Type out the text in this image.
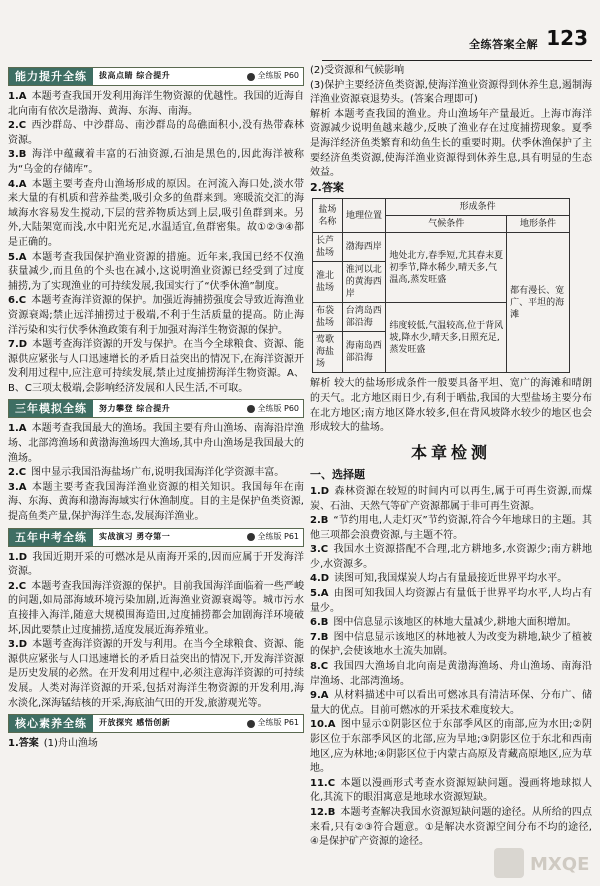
全练答案全解 123
能力提升全练	拔高点睛 综合提升	全练版 P60

1.A  本题考查我国开发利用海洋生物资源的优越性。我国的近海自北向南有依次是渤海、黄海、东海、南海。

2.C  西沙群岛、中沙群岛、南沙群岛的岛礁面积小,没有热带森林资源。

3.B  海洋中蕴藏着丰富的石油资源,石油是黑色的,因此海洋被称为“乌金的存储库”。

4.A  本题主要考查舟山渔场形成的原因。在河流入海口处,淡水带来大量的有机质和营养盐类,吸引众多的鱼群来到。寒暖流交汇的海域海水容易发生搅动,下层的营养物质达到上层,吸引鱼群到来。另外,大陆架宽而浅,水中阳光充足,水温适宜,鱼群密集。故①②③④都是正确的。

5.A  本题考查我国保护渔业资源的措施。近年来,我国已经不仅渔获量减少,而且鱼的个头也在减小,这说明渔业资源已经受到了过度捕捞,为了实现渔业的可持续发展,我国实行了“伏季休渔”制度。

6.C  本题考查海洋资源的保护。加强近海捕捞强度会导致近海渔业资源衰竭;禁止远洋捕捞过于极端,不利于生活质量的提高。防止海洋污染和实行伏季休渔政策有利于加强对海洋生物资源的保护。

7.D  本题考查海洋资源的开发与保护。在当今全球粮食、资源、能源供应紧张与人口迅速增长的矛盾日益突出的情况下,在海洋资源开发利用过程中,应注意可持续发展,禁止过度捕捞海洋生物资源。A、B、C三项太极端,会影响经济发展和人民生活,不可取。

三年模拟全练	努力攀登 综合提升	全练版 P60

1.A  本题考查我国最大的渔场。我国主要有舟山渔场、南海沿岸渔场、北部湾渔场和黄渤海渔场四大渔场,其中舟山渔场是我国最大的渔场。

2.C  图中显示我国沿海盐场广布,说明我国海洋化学资源丰富。

3.A  本题主要考查我国海洋渔业资源的相关知识。我国每年在南海、东海、黄海和渤海海域实行休渔制度。目的主是保护鱼类资源,提高鱼类产量,保护海洋生态,发展海洋渔业。

五年中考全练	实战演习 勇夺第一	全练版 P61

1.D  我国近期开采的可燃冰是从南海开采的,因而应属于开发海洋资源。

2.C  本题考查我国海洋资源的保护。目前我国海洋面临着一些严峻的问题,如局部海域环境污染加剧,近海渔业资源衰竭等。城市污水直接排入海洋,随意大规模围海造田,过度捕捞都会加剧海洋环境破坏,因此要禁止过度捕捞,适度发展近海养殖业。

3.D  本题考查海洋资源的开发与利用。在当今全球粮食、资源、能源供应紧张与人口迅速增长的矛盾日益突出的情况下,开发海洋资源是历史发展的必然。在开发利用过程中,必须注意海洋资源的可持续发展。人类对海洋资源的开采,包括对海洋生物资源的开发利用,海水淡化,深海锰结核的开采,海底油气田的开发,旅游观光等。

核心素养全练	开放探究 感悟创新	全练版 P61

1.答案  (1)舟山渔场

(2)受资源和气候影响

(3)保护主要经济鱼类资源,使海洋渔业资源得到休养生息,遏制海洋渔业资源衰退势头。(答案合理即可)

解析 本题考查我国的渔业。舟山渔场年产量最近。上海市海洋资源减少说明鱼越来越少,反映了渔业存在过度捕捞现象。夏季是海洋经济鱼类繁育和幼鱼生长的重要时期。伏季休渔保护了主要经济鱼类资源,使海洋渔业资源得到休养生息,具有明显的生态效益。

2.答案
盐场名称	地理位置	形成条件	
		气候条件	地形条件
长芦盐场	渤海西岸	地处北方,春季短,尤其春末夏初季节,降水稀少,晴天多,气温高,蒸发旺盛	都有漫长、宽广、平坦的海滩
淮北盐场	淮河以北的黄海西岸		
布袋盐场	台湾岛西部沿海	纬度较低,气温较高,位于背风坡,降水少,晴天多,日照充足,蒸发旺盛	
莺歌海盐场	海南岛西部沿海		

解析 较大的盐场形成条件一般要具备平坦、宽广的海滩和晴朗的天气。北方地区雨日少,有利于晒盐,我国的大型盐场主要分布在北方地区;南方地区降水较多,但在背风坡降水较少的地区也会形成较大的盐场。

本章检测
一、选择题

1.D  森林资源在较短的时间内可以再生,属于可再生资源,而煤炭、石油、天然气等矿产资源都属于非可再生资源。

2.B  “节约用电,人走灯灭”节约资源,符合今年地球日的主题。其他三项都会浪费资源,与主题不符。

3.C  我国水土资源搭配不合理,北方耕地多,水资源少;南方耕地少,水资源多。

4.D  读图可知,我国煤炭人均占有量最接近世界平均水平。

5.A  由图可知我国人均资源占有量低于世界平均水平,人均占有量少。

6.B  图中信息显示该地区的林地大量减少,耕地大面积增加。

7.B  图中信息显示该地区的林地被人为改变为耕地,缺少了植被的保护,会使该地水土流失加剧。

8.C  我国四大渔场自北向南是黄渤海渔场、舟山渔场、南海沿岸渔场、北部湾渔场。

9.A  从材料描述中可以看出可燃冰具有清洁环保、分布广、储量大的优点。目前可燃冰的开采技术难度较大。

10.A  图中显示①阴影区位于东部季风区的南部,应为水田;②阴影区位于东部季风区的北部,应为旱地;③阴影区位于东北和西南地区,应为林地;④阴影区位于内蒙古高原及青藏高原地区,应为草地。

11.C  本题以漫画形式考查水资源短缺问题。漫画将地球拟人化,其流下的眼泪寓意是地球水资源短缺。

12.B  本题考查解决我国水资源短缺问题的途径。从所给的四点来看,只有②③符合题意。①是解决水资源空间分布不均的途径,④是保护矿产资源的途径。

MXQE
